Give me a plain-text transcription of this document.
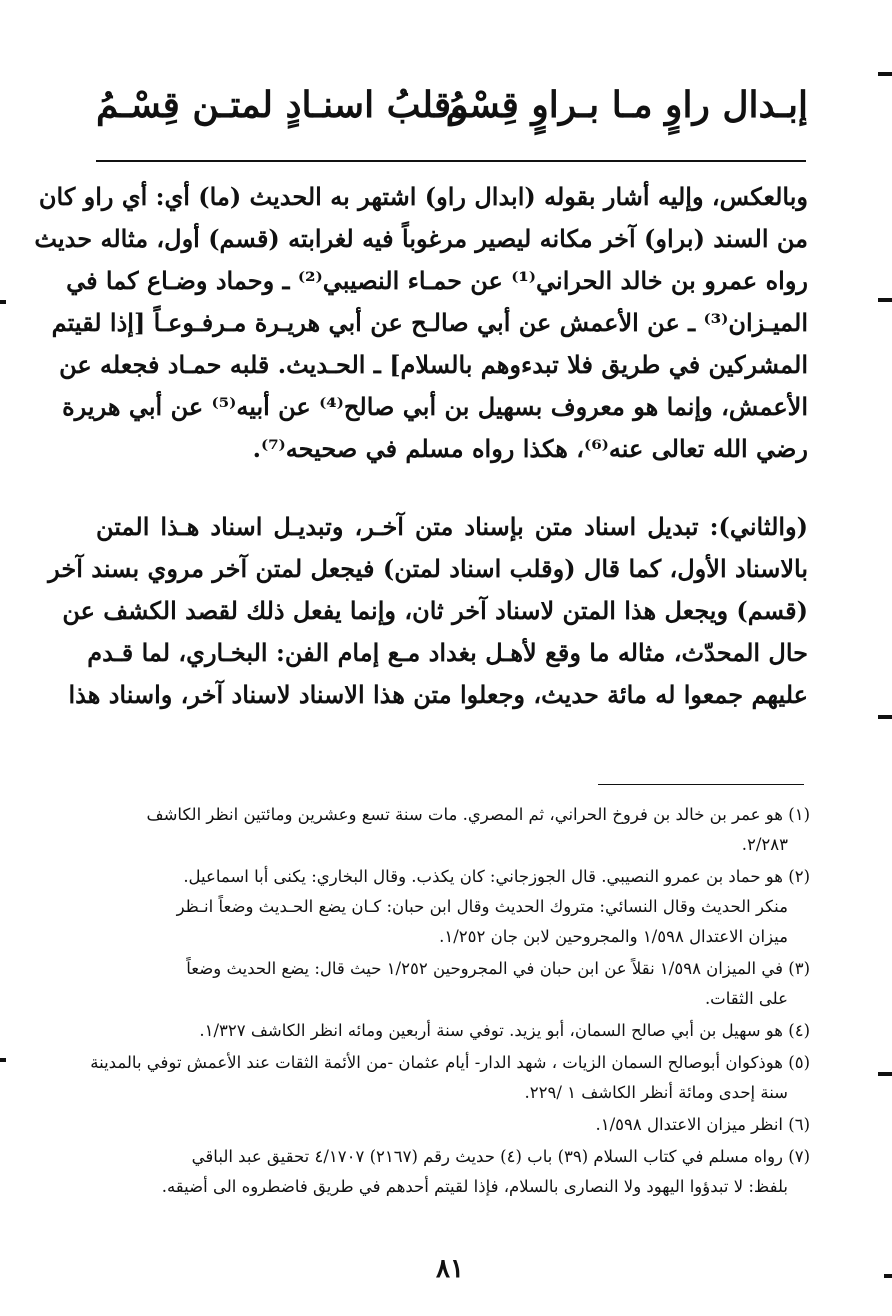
إبـدال راوٍ مـا بـراوٍ قِسْمُ
وقلبُ اسنـادٍ لمتـن قِسْـمُ
وبالعكس، وإليه أشار بقوله (ابدال راو) اشتهر به الحديث (ما) أي: أي راو كان
من السند (براو) آخر مكانه ليصير مرغوباً فيه لغرابته (قسم) أول، مثاله حديث
رواه عمرو بن خالد الحراني⁽¹⁾ عن حمـاء النصيبي⁽²⁾ ـ وحماد وضـاع كما في
الميـزان⁽³⁾ ـ عن الأعمش عن أبي صالـح عن أبي هريـرة مـرفـوعـاً [إذا لقيتم
المشركين في طريق فلا تبدءوهم بالسلام] ـ الحـديث. قلبه حمـاد فجعله عن
الأعمش، وإنما هو معروف بسهيل بن أبي صالح⁽⁴⁾ عن أبيه⁽⁵⁾ عن أبي هريرة
رضي الله تعالى عنه⁽⁶⁾، هكذا رواه مسلم في صحيحه⁽⁷⁾.
(والثاني): تبديل اسناد متن بإسناد متن آخـر، وتبديـل اسناد هـذا المتن
بالاسناد الأول، كما قال (وقلب اسناد لمتن) فيجعل لمتن آخر مروي بسند آخر
(قسم) ويجعل هذا المتن لاسناد آخر ثان، وإنما يفعل ذلك لقصد الكشف عن
حال المحدّث، مثاله ما وقع لأهـل بغداد مـع إمام الفن: البخـاري، لما قـدم
عليهم جمعوا له مائة حديث، وجعلوا متن هذا الاسناد لاسناد آخر، واسناد هذا
(١) هو عمر بن خالد بن فروخ الحراني، ثم المصري. مات سنة تسع وعشرين ومائتين انظر الكاشف
٢/٢٨٣.
(٢) هو حماد بن عمرو النصيبي. قال الجوزجاني: كان يكذب. وقال البخاري: يكنى أبا اسماعيل.
منكر الحديث وقال النسائي: متروك الحديث وقال ابن حبان: كـان يضع الحـديث وضعاً انـظر
ميزان الاعتدال ١/٥٩٨ والمجروحين لابن جان ١/٢٥٢.
(٣) في الميزان ١/٥٩٨ نقلاً عن ابن حبان في المجروحين ١/٢٥٢ حيث قال: يضع الحديث وضعاً
على الثقات.
(٤) هو سهيل بن أبي صالح السمان، أبو يزيد. توفي سنة أربعين ومائه انظر الكاشف ١/٣٢٧.
(٥) هوذكوان أبوصالح السمان الزيات ، شهد الدار- أيام عثمان -من الأئمة الثقات عند الأعمش توفي بالمدينة
سنة إحدى ومائة أنظر الكاشف ١ /٢٢٩.
(٦) انظر ميزان الاعتدال ١/٥٩٨.
(٧) رواه مسلم في كتاب السلام (٣٩) باب (٤) حديث رقم (٢١٦٧) ٤/١٧٠٧ تحقيق عبد الباقي
بلفظ: لا تبدؤوا اليهود ولا النصارى بالسلام، فإذا لقيتم أحدهم في طريق فاضطروه الى أضيقه.
٨١
